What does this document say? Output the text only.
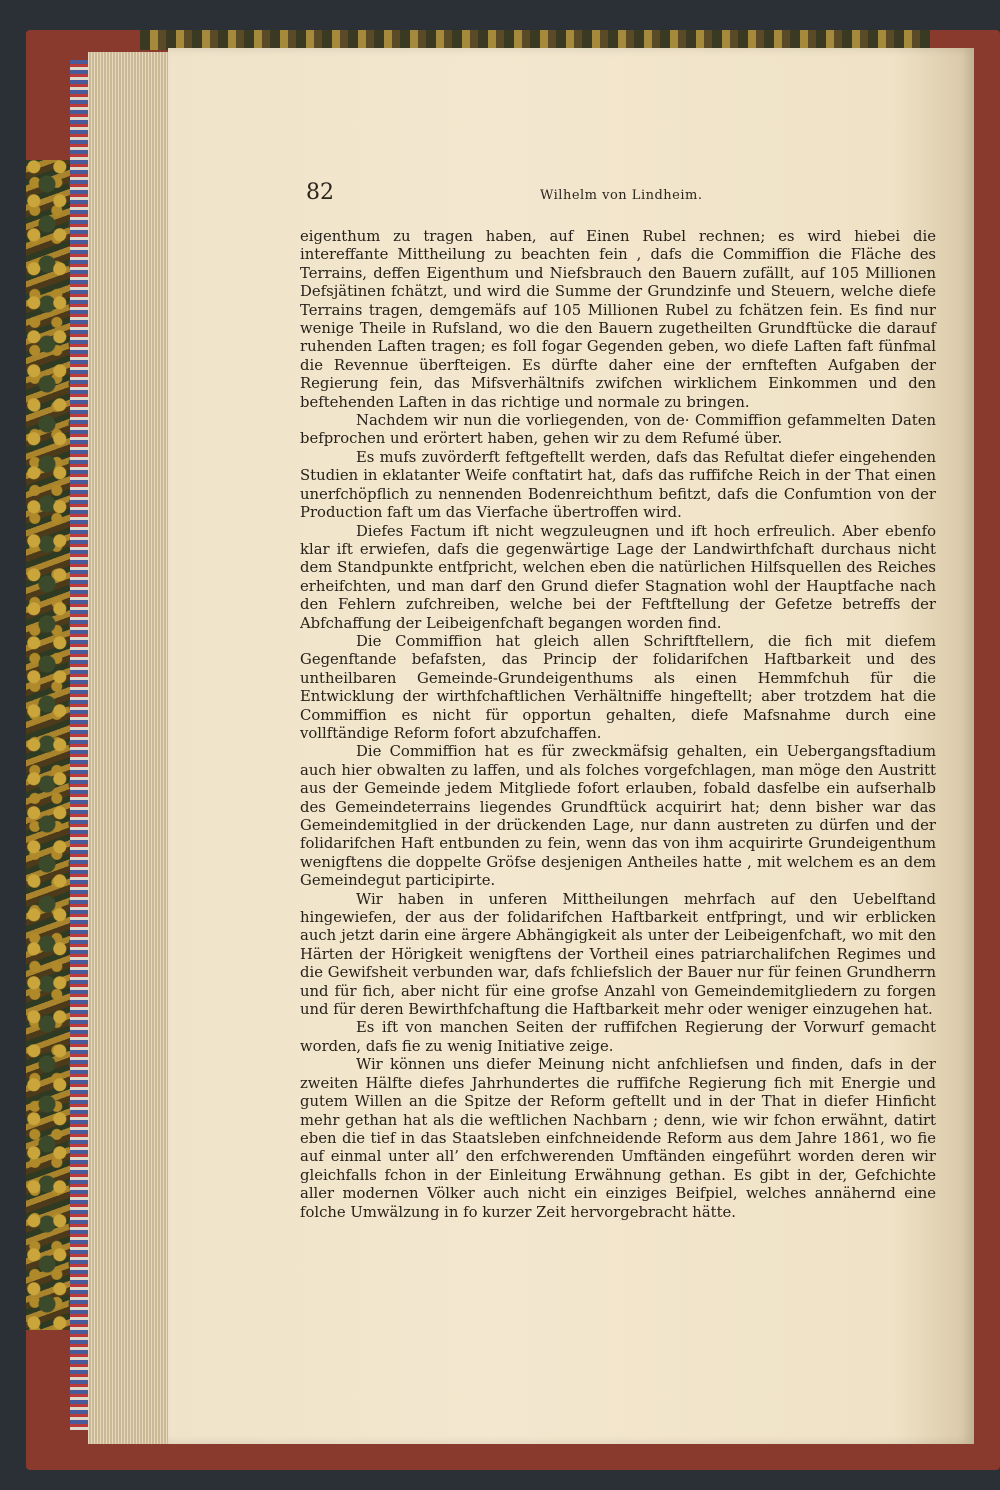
82	Wilhelm von Lindheim.

eigenthum zu tragen haben, auf Einen Rubel rechnen; es wird hiebei die intereffante Mittheilung zu beachten fein , dafs die Commiffion die Fläche des Terrains, deffen Eigenthum und Niefsbrauch den Bauern zufällt, auf 105 Millionen Defsjätinen fchätzt, und wird die Summe der Grundzinfe und Steuern, welche diefe Terrains tragen, demgemäfs auf 105 Millionen Rubel zu fchätzen fein. Es find nur wenige Theile in Rufsland, wo die den Bauern zugetheilten Grundftücke die darauf ruhenden Laften tragen; es foll fogar Gegenden geben, wo diefe Laften faft fünfmal die Revennue überfteigen. Es dürfte daher eine der ernfteften Aufgaben der Regierung fein, das Mifsverhältnifs zwifchen wirklichem Einkommen und den beftehenden Laften in das richtige und normale zu bringen.

Nachdem wir nun die vorliegenden, von de· Commiffion gefammelten Daten befprochen und erörtert haben, gehen wir zu dem Refumé über.

Es mufs zuvörderft feftgeftellt werden, dafs das Refultat diefer eingehenden Studien in eklatanter Weife conftatirt hat, dafs das ruffifche Reich in der That einen unerfchöpflich zu nennenden Bodenreichthum befitzt, dafs die Confumtion von der Production faft um das Vierfache übertroffen wird.

Diefes Factum ift nicht wegzuleugnen und ift hoch erfreulich. Aber ebenfo klar ift erwiefen, dafs die gegenwärtige Lage der Landwirthfchaft durchaus nicht dem Standpunkte entfpricht, welchen eben die natürlichen Hilfsquellen des Reiches erheifchten, und man darf den Grund diefer Stagnation wohl der Hauptfache nach den Fehlern zufchreiben, welche bei der Feftftellung der Gefetze betreffs der Abfchaffung der Leibeigenfchaft begangen worden find.

Die Commiffion hat gleich allen Schriftftellern, die fich mit diefem Gegenftande befafsten, das Princip der folidarifchen Haftbarkeit und des untheilbaren Gemeinde-Grundeigenthums als einen Hemmfchuh für die Entwicklung der wirthfchaftlichen Verhältniffe hingeftellt; aber trotzdem hat die Commiffion es nicht für opportun gehalten, diefe Mafsnahme durch eine vollftändige Reform fofort abzufchaffen.

Die Commiffion hat es für zweckmäfsig gehalten, ein Uebergangsftadium auch hier obwalten zu laffen, und als folches vorgefchlagen, man möge den Austritt aus der Gemeinde jedem Mitgliede fofort erlauben, fobald dasfelbe ein aufserhalb des Gemeindeterrains liegendes Grundftück acquirirt hat; denn bisher war das Gemeindemitglied in der drückenden Lage, nur dann austreten zu dürfen und der folidarifchen Haft entbunden zu fein, wenn das von ihm acquirirte Grundeigenthum wenigftens die doppelte Gröfse desjenigen Antheiles hatte , mit welchem es an dem Gemeindegut participirte.

Wir haben in unferen Mittheilungen mehrfach auf den Uebelftand hingewiefen, der aus der folidarifchen Haftbarkeit entfpringt, und wir erblicken auch jetzt darin eine ärgere Abhängigkeit als unter der Leibeigenfchaft, wo mit den Härten der Hörigkeit wenigftens der Vortheil eines patriarchalifchen Regimes und die Gewifsheit verbunden war, dafs fchliefslich der Bauer nur für feinen Grundherrn und für fich, aber nicht für eine grofse Anzahl von Gemeindemitgliedern zu forgen und für deren Bewirthfchaftung die Haftbarkeit mehr oder weniger einzugehen hat.

Es ift von manchen Seiten der ruffifchen Regierung der Vorwurf gemacht worden, dafs fie zu wenig Initiative zeige.

Wir können uns diefer Meinung nicht anfchliefsen und finden, dafs in der zweiten Hälfte diefes Jahrhundertes die ruffifche Regierung fich mit Energie und gutem Willen an die Spitze der Reform geftellt und in der That in diefer Hinficht mehr gethan hat als die weftlichen Nachbarn ; denn, wie wir fchon erwähnt, datirt eben die tief in das Staatsleben einfchneidende Reform aus dem Jahre 1861, wo fie auf einmal unter all’ den erfchwerenden Umftänden eingeführt worden deren wir gleichfalls fchon in der Einleitung Erwähnung gethan. Es gibt in der, Gefchichte aller modernen Völker auch nicht ein einziges Beifpiel, welches annähernd eine folche Umwälzung in fo kurzer Zeit hervorgebracht hätte.
